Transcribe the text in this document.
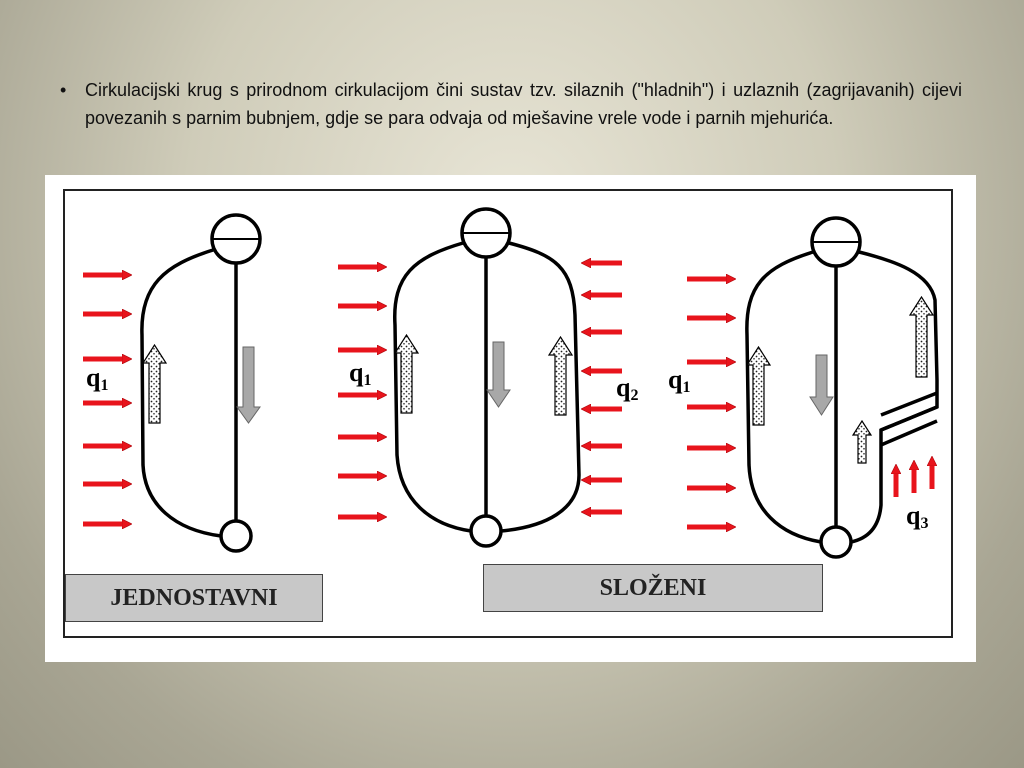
• Cirkulacijski krug s prirodnom cirkulacijom čini sustav tzv. silaznih ("hladnih") i uzlaznih (zagrijavanih) cijevi povezanih s parnim bubnjem, gdje se para odvaja od mješavine vrele vode i parnih mjehurića.
$q_1$	$q_1$	$q_2$
$q_1$
$q_3$
JEDNOSTAVNI	SLOŽENI
